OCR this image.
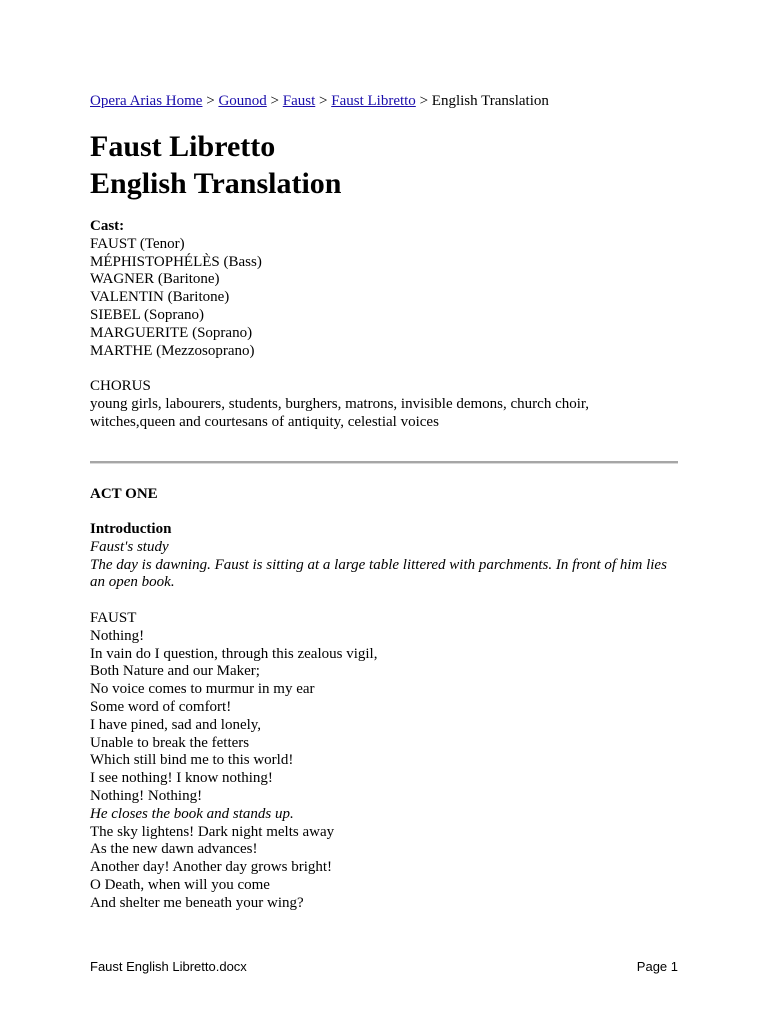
Opera Arias Home > Gounod > Faust > Faust Libretto > English Translation
Faust Libretto
English Translation
Cast:
FAUST (Tenor)
MÉPHISTOPHÉLÈS (Bass)
WAGNER (Baritone)
VALENTIN (Baritone)
SIEBEL (Soprano)
MARGUERITE (Soprano)
MARTHE (Mezzosoprano)
CHORUS
young girls, labourers, students, burghers, matrons, invisible demons, church choir,
witches,queen and courtesans of antiquity, celestial voices
ACT ONE
Introduction
Faust's study
The day is dawning. Faust is sitting at a large table littered with parchments. In front of him lies
an open book.
FAUST
Nothing!
In vain do I question, through this zealous vigil,
Both Nature and our Maker;
No voice comes to murmur in my ear
Some word of comfort!
I have pined, sad and lonely,
Unable to break the fetters
Which still bind me to this world!
I see nothing! I know nothing!
Nothing! Nothing!
He closes the book and stands up.
The sky lightens! Dark night melts away
As the new dawn advances!
Another day! Another day grows bright!
O Death, when will you come
And shelter me beneath your wing?
Faust English Libretto.docx	Page 1
